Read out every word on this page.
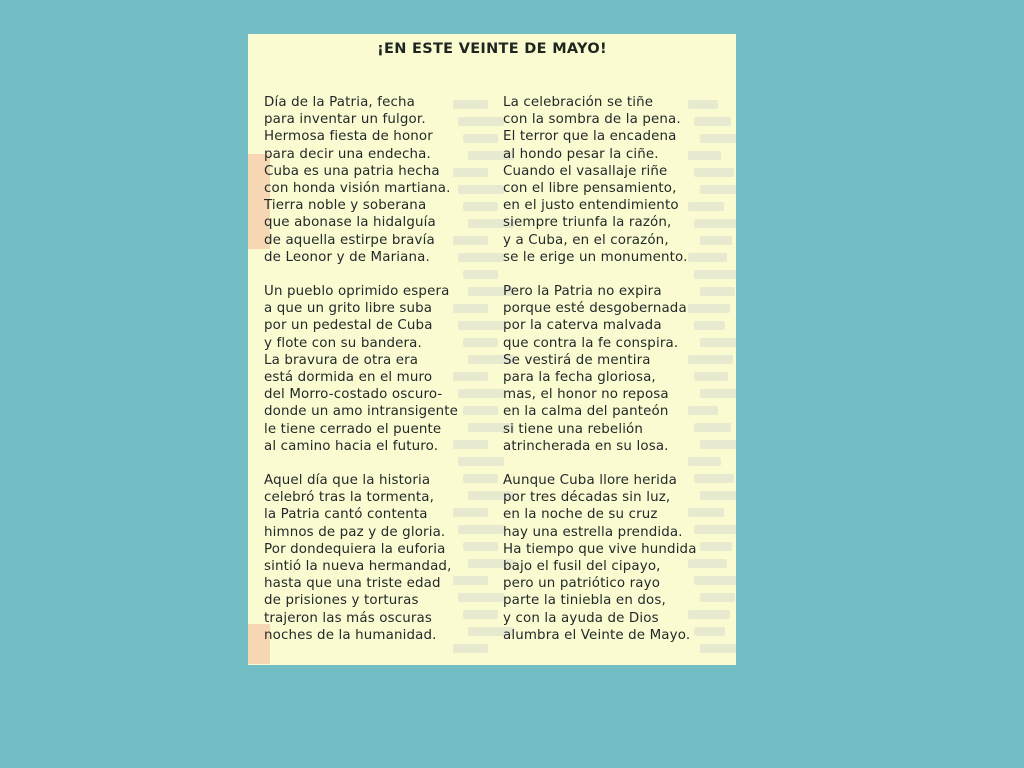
¡EN ESTE VEINTE DE MAYO!
Día de la Patria, fecha
para inventar un fulgor.
Hermosa fiesta de honor
para decir una endecha.
Cuba es una patria hecha
con honda visión martiana.
Tierra noble y soberana
que abonase la hidalguía
de aquella estirpe bravía
de Leonor y de Mariana.
Un pueblo oprimido espera
a que un grito libre suba
por un pedestal de Cuba
y flote con su bandera.
La bravura de otra era
está dormida en el muro
del Morro-costado oscuro-
donde un amo intransigente
le tiene cerrado el puente
al camino hacia el futuro.
Aquel día que la historia
celebró tras la tormenta,
la Patria cantó contenta
himnos de paz y de gloria.
Por dondequiera la euforia
sintió la nueva hermandad,
hasta que una triste edad
de prisiones y torturas
trajeron las más oscuras
noches de la humanidad.
La celebración se tiñe
con la sombra de la pena.
El terror que la encadena
al hondo pesar la ciñe.
Cuando el vasallaje riñe
con el libre pensamiento,
en el justo entendimiento
siempre triunfa la razón,
y a Cuba, en el corazón,
se le erige un monumento.
Pero la Patria no expira
porque esté desgobernada
por la caterva malvada
que contra la fe conspira.
Se vestirá de mentira
para la fecha gloriosa,
mas, el honor no reposa
en la calma del panteón
si tiene una rebelión
atrincherada en su losa.
Aunque Cuba llore herida
por tres décadas sin luz,
en la noche de su cruz
hay una estrella prendida.
Ha tiempo que vive hundida
bajo el fusil del cipayo,
pero un patriótico rayo
parte la tiniebla en dos,
y con la ayuda de Dios
alumbra el Veinte de Mayo.
